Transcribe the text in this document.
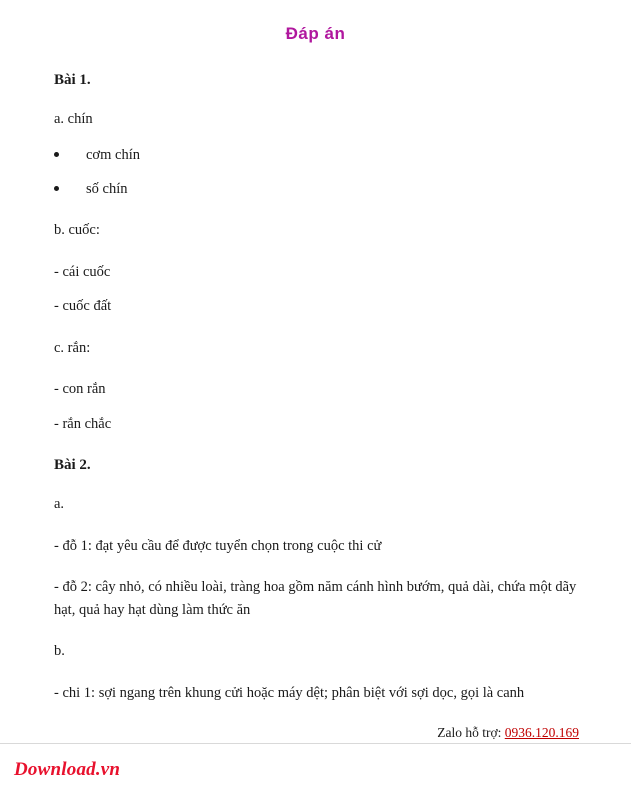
Đáp án
Bài 1.

a. chín

cơm chín
số chín

b. cuốc:

- cái cuốc

- cuốc đất

c. rắn:

- con rắn

- rắn chắc

Bài 2.

a.

- đỗ 1: đạt yêu cầu để được tuyển chọn trong cuộc thi cử

- đỗ 2: cây nhỏ, có nhiều loài, tràng hoa gồm năm cánh hình bướm, quả dài, chứa một dãy hạt, quả hay hạt dùng làm thức ăn

b.

- chi 1: sợi ngang trên khung cửi hoặc máy dệt; phân biệt với sợi dọc, gọi là canh

Zalo hỗ trợ: 0936.120.169
Download.vn
